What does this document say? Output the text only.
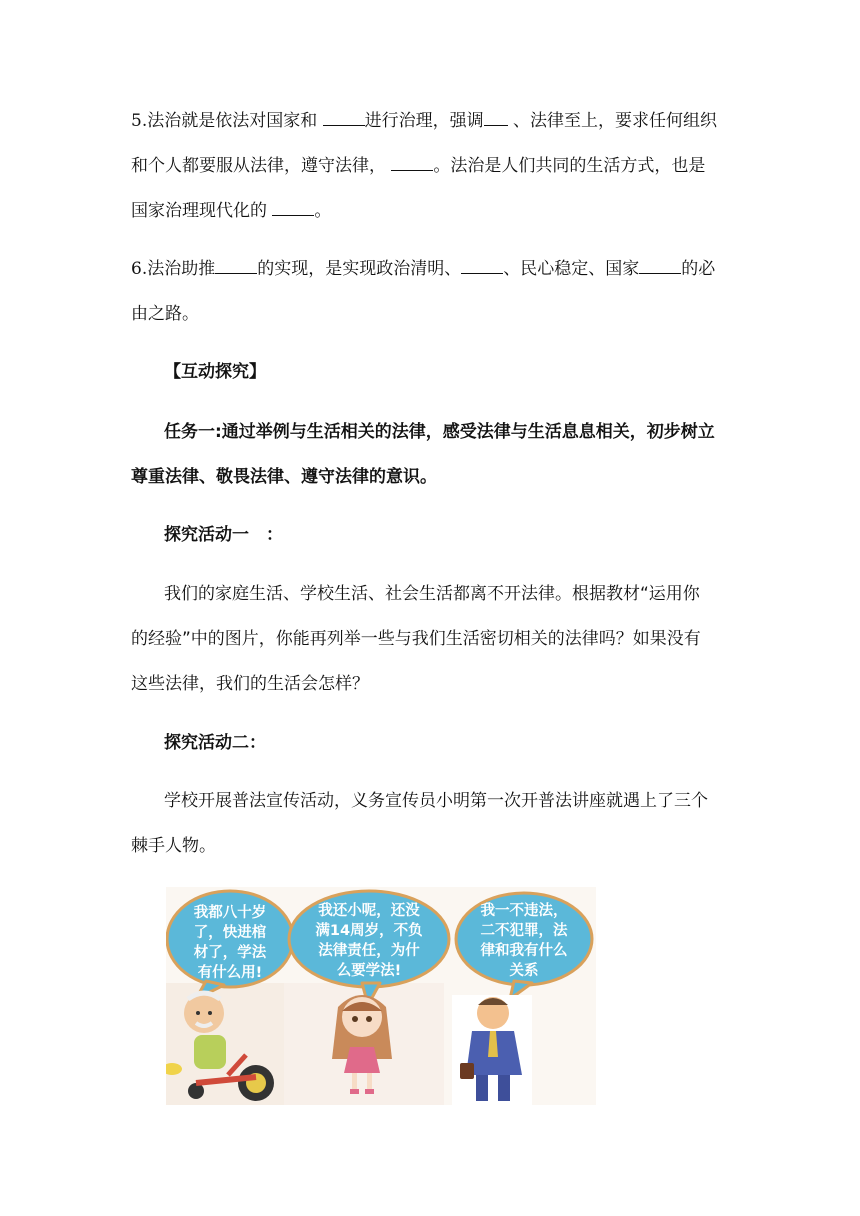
5.法治就是依法对国家和	进行治理，强调 、法律至上，要求任何组织
和个人都要服从法律，遵守法律，	。法治是人们共同的生活方式，也是
国家治理现代化的	。
6.法治助推 的实现，是实现政治清明、 、民心稳定、国家 的必
由之路。
【互动探究】
任务一:通过举例与生活相关的法律，感受法律与生活息息相关，初步树立
尊重法律、敬畏法律、遵守法律的意识。
探究活动一　：
我们的家庭生活、学校生活、社会生活都离不开法律。根据教材“运用你
的经验”中的图片，你能再列举一些与我们生活密切相关的法律吗？如果没有
这些法律，我们的生活会怎样？
探究活动二：
学校开展普法宣传活动，义务宣传员小明第一次开普法讲座就遇上了三个
棘手人物。
我都八十岁
了，快进棺
材了，学法
有什么用!
我还小呢，还没
满14周岁，不负
法律责任，为什
么要学法!
我一不违法，
二不犯罪，法
律和我有什么
关系
